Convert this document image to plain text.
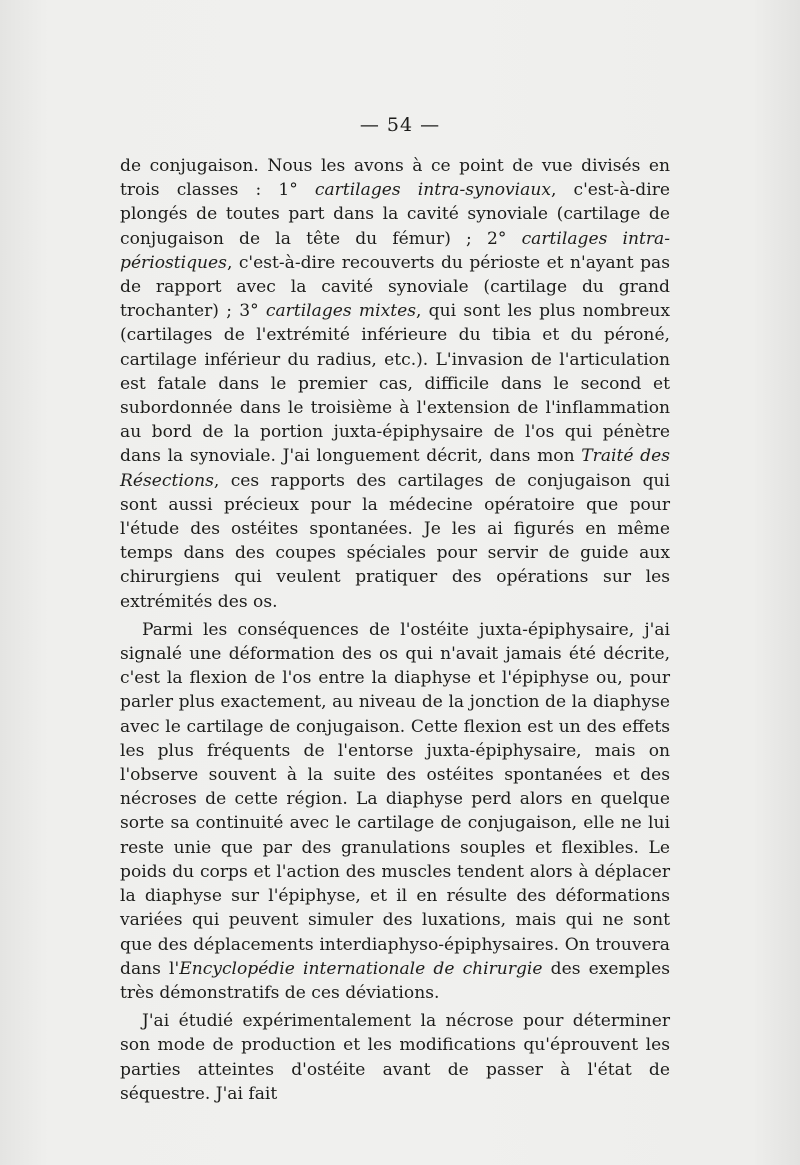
— 54 —

de conjugaison. Nous les avons à ce point de vue divisés en trois classes : 1° cartilages intra-synoviaux, c'est-à-dire plongés de toutes part dans la cavité synoviale (cartilage de conjugaison de la tête du fémur) ; 2° cartilages intra-périostiques, c'est-à-dire recouverts du périoste et n'ayant pas de rapport avec la cavité synoviale (cartilage du grand trochanter) ; 3° cartilages mixtes, qui sont les plus nombreux (cartilages de l'extrémité inférieure du tibia et du péroné, cartilage inférieur du radius, etc.). L'invasion de l'articulation est fatale dans le premier cas, difficile dans le second et subordonnée dans le troisième à l'extension de l'inflammation au bord de la portion juxta-épiphysaire de l'os qui pénètre dans la synoviale. J'ai longuement décrit, dans mon Traité des Résections, ces rapports des cartilages de conjugaison qui sont aussi précieux pour la médecine opératoire que pour l'étude des ostéites spontanées. Je les ai figurés en même temps dans des coupes spéciales pour servir de guide aux chirurgiens qui veulent pratiquer des opérations sur les extrémités des os.

Parmi les conséquences de l'ostéite juxta-épiphysaire, j'ai signalé une déformation des os qui n'avait jamais été décrite, c'est la flexion de l'os entre la diaphyse et l'épiphyse ou, pour parler plus exactement, au niveau de la jonction de la diaphyse avec le cartilage de conjugaison. Cette flexion est un des effets les plus fréquents de l'entorse juxta-épiphysaire, mais on l'observe souvent à la suite des ostéites spontanées et des nécroses de cette région. La diaphyse perd alors en quelque sorte sa continuité avec le cartilage de conjugaison, elle ne lui reste unie que par des granulations souples et flexibles. Le poids du corps et l'action des muscles tendent alors à déplacer la diaphyse sur l'épiphyse, et il en résulte des déformations variées qui peuvent simuler des luxations, mais qui ne sont que des déplacements interdiaphyso-épiphysaires. On trouvera dans l'Encyclopédie internationale de chirurgie des exemples très démonstratifs de ces déviations.

J'ai étudié expérimentalement la nécrose pour déterminer son mode de production et les modifications qu'éprouvent les parties atteintes d'ostéite avant de passer à l'état de séquestre. J'ai fait
